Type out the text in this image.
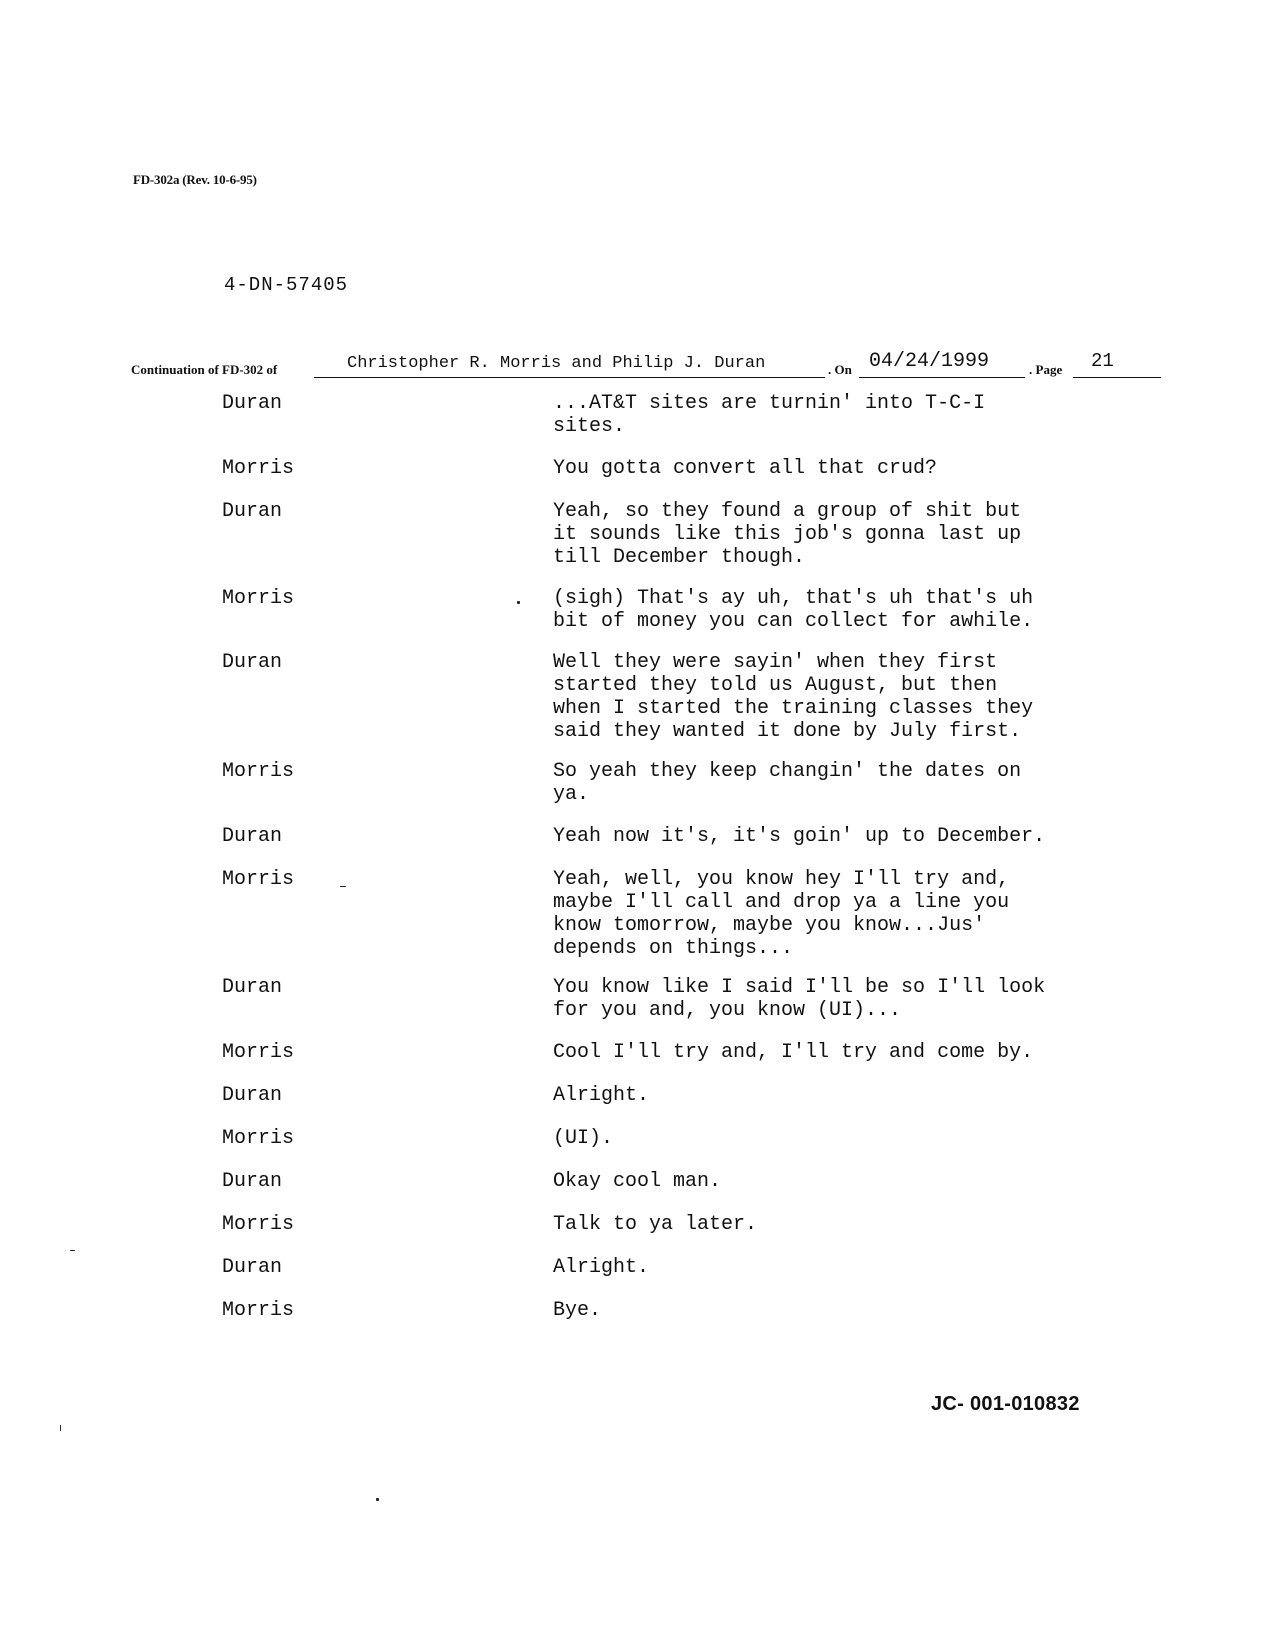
FD-302a (Rev. 10-6-95)
4-DN-57405
Christopher R. Morris and Philip J. Duran	04/24/1999	21
Continuation of FD-302 of	. On	. Page
Duran	...AT&T sites are turnin' into T-C-I
sites.
Morris	You gotta convert all that crud?
Duran	Yeah, so they found a group of shit but
it sounds like this job's gonna last up
till December though.
Morris	(sigh) That's ay uh, that's uh that's uh
bit of money you can collect for awhile.
Duran	Well they were sayin' when they first
started they told us August, but then
when I started the training classes they
said they wanted it done by July first.
Morris	So yeah they keep changin' the dates on
ya.
Duran	Yeah now it's, it's goin' up to December.
Morris	Yeah, well, you know hey I'll try and,
maybe I'll call and drop ya a line you
know tomorrow, maybe you know...Jus'
depends on things...
Duran	You know like I said I'll be so I'll look
for you and, you know (UI)...
Morris	Cool I'll try and, I'll try and come by.
Duran	Alright.
Morris	(UI).
Duran	Okay cool man.
Morris	Talk to ya later.
Duran	Alright.
Morris	Bye.
JC- 001-010832
